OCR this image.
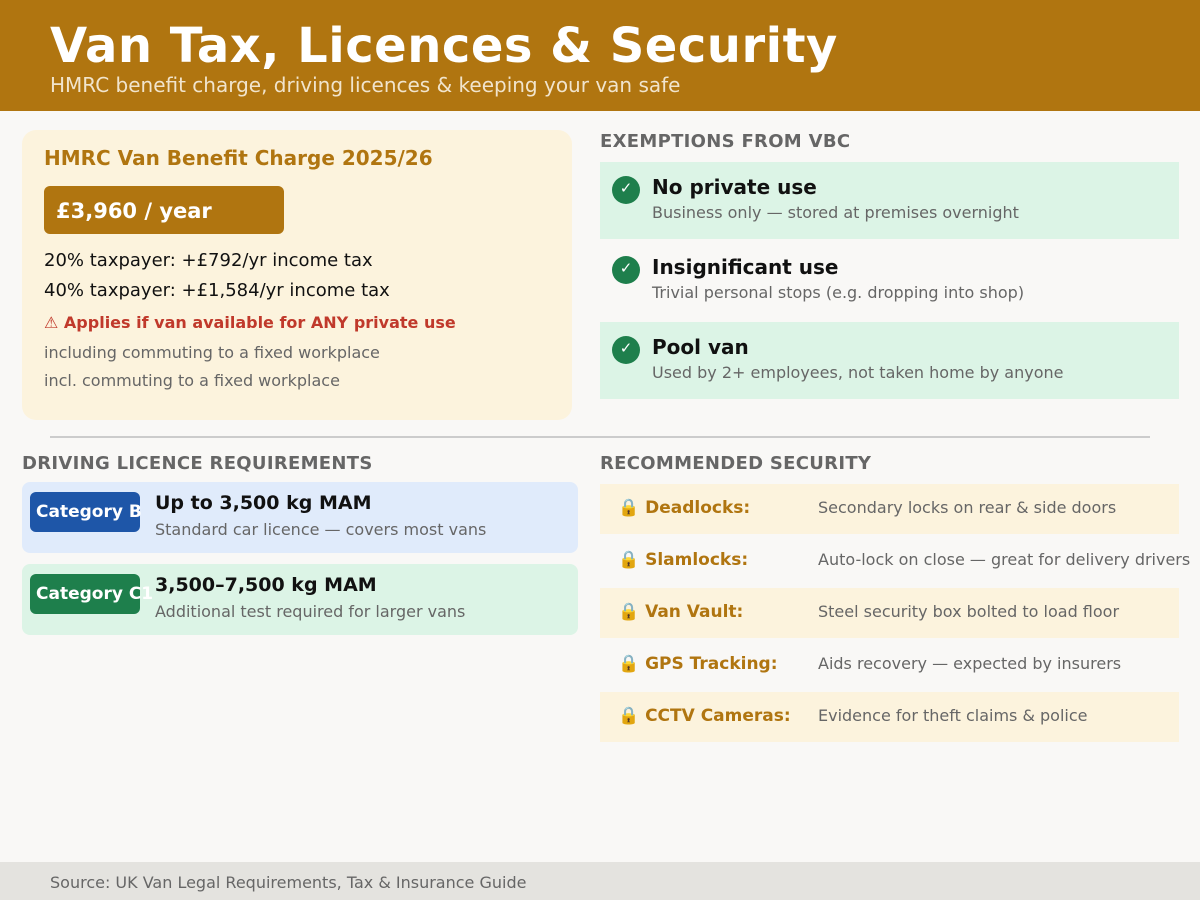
Van Tax, Licences & Security
HMRC benefit charge, driving licences & keeping your van safe
HMRC Van Benefit Charge 2025/26
£3,960 / year
20% taxpayer: +£792/yr income tax
40% taxpayer: +£1,584/yr income tax
⚠ Applies if van available for ANY private use
including commuting to a fixed workplace
incl. commuting to a fixed workplace
EXEMPTIONS FROM VBC
✓ No private use
Business only — stored at premises overnight
✓ Insignificant use
Trivial personal stops (e.g. dropping into shop)
✓ Pool van
Used by 2+ employees, not taken home by anyone
DRIVING LICENCE REQUIREMENTS
Category B Up to 3,500 kg MAM
Standard car licence — covers most vans
Category C1 3,500–7,500 kg MAM
Additional test required for larger vans
RECOMMENDED SECURITY
🔒 Deadlocks:	Secondary locks on rear & side doors
🔒 Slamlocks:	Auto-lock on close — great for delivery drivers
🔒 Van Vault:	Steel security box bolted to load floor
🔒 GPS Tracking:	Aids recovery — expected by insurers
🔒 CCTV Cameras: Evidence for theft claims & police
Source: UK Van Legal Requirements, Tax & Insurance Guide
